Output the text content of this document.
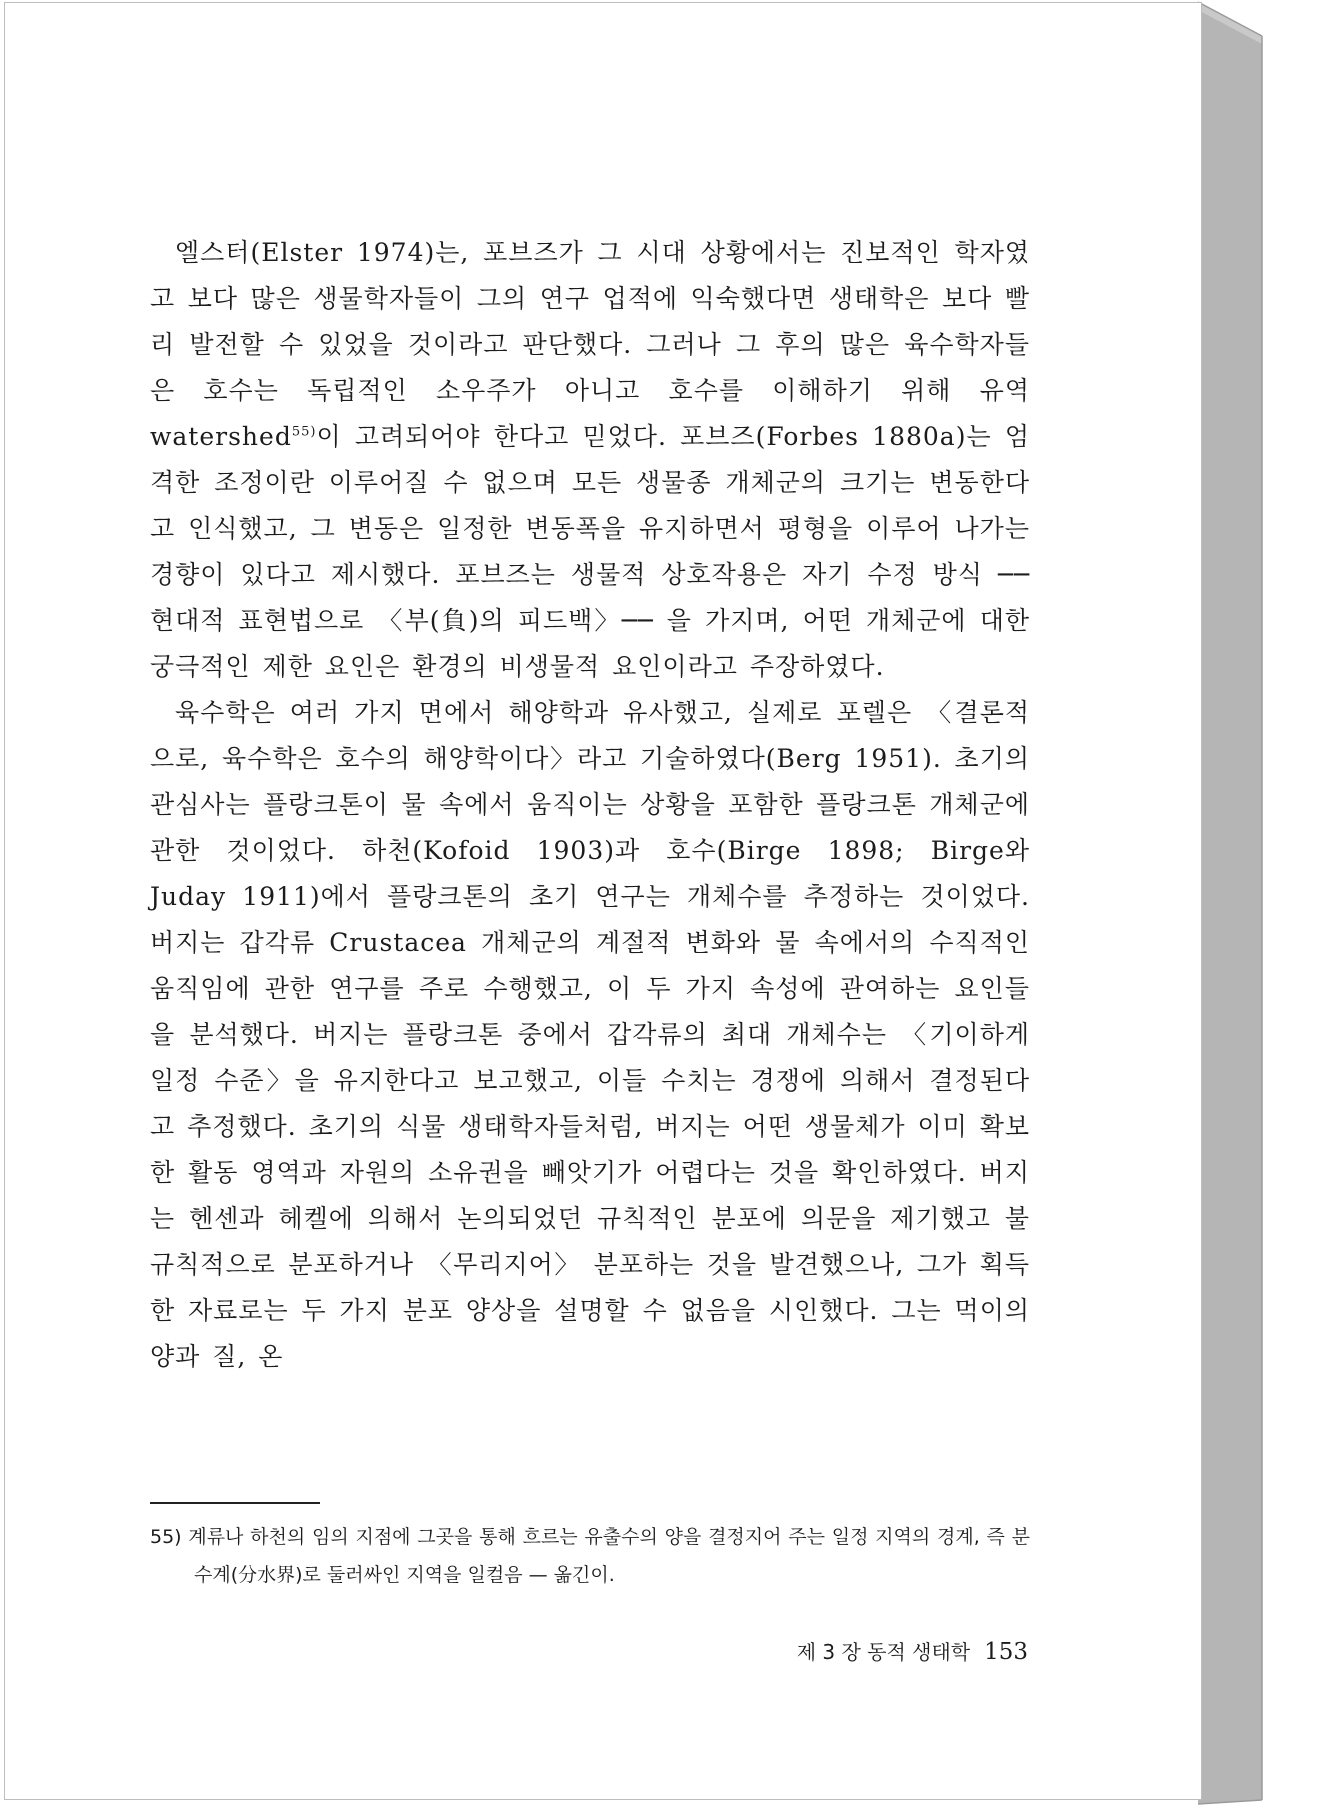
엘스터(Elster 1974)는, 포브즈가 그 시대 상황에서는 진보적인 학자였고 보다 많은 생물학자들이 그의 연구 업적에 익숙했다면 생태학은 보다 빨리 발전할 수 있었을 것이라고 판단했다. 그러나 그 후의 많은 육수학자들은 호수는 독립적인 소우주가 아니고 호수를 이해하기 위해 유역 watershed$^{55)}$이 고려되어야 한다고 믿었다. 포브즈(Forbes 1880a)는 엄격한 조정이란 이루어질 수 없으며 모든 생물종 개체군의 크기는 변동한다고 인식했고, 그 변동은 일정한 변동폭을 유지하면서 평형을 이루어 나가는 경향이 있다고 제시했다. 포브즈는 생물적 상호작용은 자기 수정 방식 ── 현대적 표현법으로 〈부(負)의 피드백〉── 을 가지며, 어떤 개체군에 대한 궁극적인 제한 요인은 환경의 비생물적 요인이라고 주장하였다.

육수학은 여러 가지 면에서 해양학과 유사했고, 실제로 포렐은 〈결론적으로, 육수학은 호수의 해양학이다〉라고 기술하였다(Berg 1951). 초기의 관심사는 플랑크톤이 물 속에서 움직이는 상황을 포함한 플랑크톤 개체군에 관한 것이었다. 하천(Kofoid 1903)과 호수(Birge 1898; Birge와 Juday 1911)에서 플랑크톤의 초기 연구는 개체수를 추정하는 것이었다. 버지는 갑각류 Crustacea 개체군의 계절적 변화와 물 속에서의 수직적인 움직임에 관한 연구를 주로 수행했고, 이 두 가지 속성에 관여하는 요인들을 분석했다. 버지는 플랑크톤 중에서 갑각류의 최대 개체수는 〈기이하게 일정 수준〉을 유지한다고 보고했고, 이들 수치는 경쟁에 의해서 결정된다고 추정했다. 초기의 식물 생태학자들처럼, 버지는 어떤 생물체가 이미 확보한 활동 영역과 자원의 소유권을 빼앗기가 어렵다는 것을 확인하였다. 버지는 헨센과 헤켈에 의해서 논의되었던 규칙적인 분포에 의문을 제기했고 불규칙적으로 분포하거나 〈무리지어〉 분포하는 것을 발견했으나, 그가 획득한 자료로는 두 가지 분포 양상을 설명할 수 없음을 시인했다. 그는 먹이의 양과 질, 온

55) 계류나 하천의 임의 지점에 그곳을 통해 흐르는 유출수의 양을 결정지어 주는 일정 지역의 경계, 즉 분수계(分水界)로 둘러싸인 지역을 일컬음 — 옮긴이.
제 3 장 동적 생태학 153
